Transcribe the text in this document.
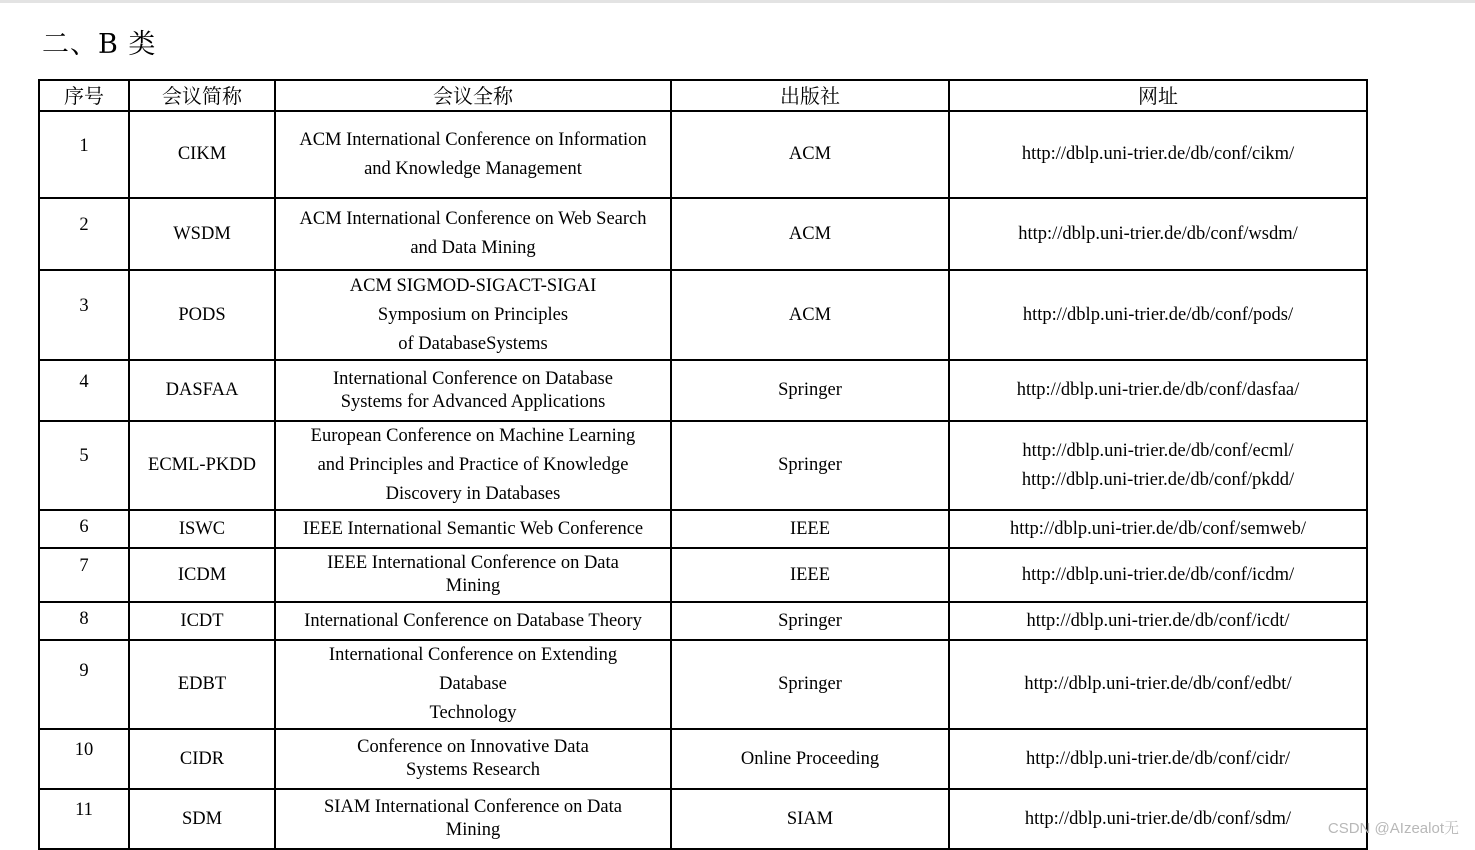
二、B 类
序号	会议简称	会议全称	出版社	网址
1	CIKM	ACM International Conference on Information
and Knowledge Management	ACM	http://dblp.uni-trier.de/db/conf/cikm/

2	WSDM	ACM International Conference on Web Search
and Data Mining	ACM	http://dblp.uni-trier.de/db/conf/wsdm/

3	PODS	ACM SIGMOD-SIGACT-SIGAI
Symposium on Principles
of DatabaseSystems	ACM	http://dblp.uni-trier.de/db/conf/pods/

4	DASFAA	International Conference on Database
Systems for Advanced Applications	Springer	http://dblp.uni-trier.de/db/conf/dasfaa/

5	ECML-PKDD	European Conference on Machine Learning
and Principles and Practice of Knowledge
Discovery in Databases	Springer	http://dblp.uni-trier.de/db/conf/ecml/
http://dblp.uni-trier.de/db/conf/pkdd/

6	ISWC	IEEE International Semantic Web Conference	IEEE	http://dblp.uni-trier.de/db/conf/semweb/

7	ICDM	IEEE International Conference on Data
Mining	IEEE	http://dblp.uni-trier.de/db/conf/icdm/

8	ICDT	International Conference on Database Theory	Springer	http://dblp.uni-trier.de/db/conf/icdt/

9	EDBT	International Conference on Extending
Database
Technology	Springer	http://dblp.uni-trier.de/db/conf/edbt/

10	CIDR	Conference on Innovative Data
Systems Research	Online Proceeding	http://dblp.uni-trier.de/db/conf/cidr/

11	SDM	SIAM International Conference on Data
Mining	SIAM	http://dblp.uni-trier.de/db/conf/sdm/	CSDN @AIzealot无
